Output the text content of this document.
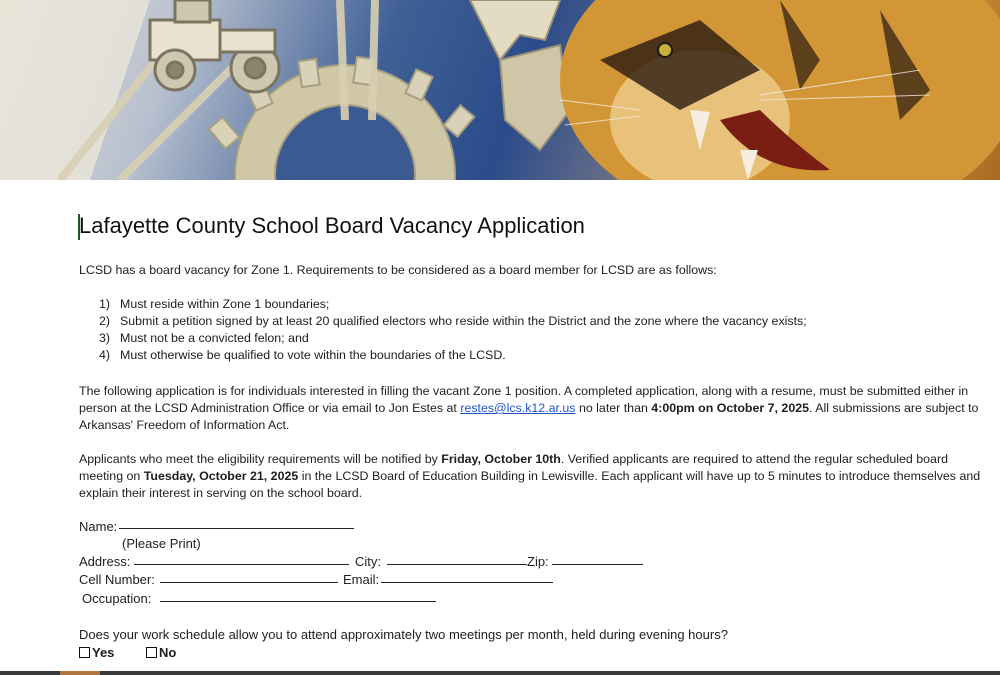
Lafayette County School Board Vacancy Application
LCSD has a board vacancy for Zone 1. Requirements to be considered as a board member for LCSD are as follows:
1) Must reside within Zone 1 boundaries;
2) Submit a petition signed by at least 20 qualified electors who reside within the District and the zone where the vacancy exists;
3) Must not be a convicted felon; and
4) Must otherwise be qualified to vote within the boundaries of the LCSD.
The following application is for individuals interested in filling the vacant Zone 1 position. A completed application, along with a resume, must be submitted either in person at the LCSD Administration Office or via email to Jon Estes at restes@lcs.k12.ar.us no later than 4:00pm on October 7, 2025. All submissions are subject to Arkansas' Freedom of Information Act.
Applicants who meet the eligibility requirements will be notified by Friday, October 10th. Verified applicants are required to attend the regular scheduled board meeting on Tuesday, October 21, 2025 in the LCSD Board of Education Building in Lewisville. Each applicant will have up to 5 minutes to introduce themselves and explain their interest in serving on the school board.
Name:
(Please Print)
Address:	City:	Zip:
Cell Number:	Email:
Occupation:
Does your work schedule allow you to attend approximately two meetings per month, held during evening hours?
Yes	No
